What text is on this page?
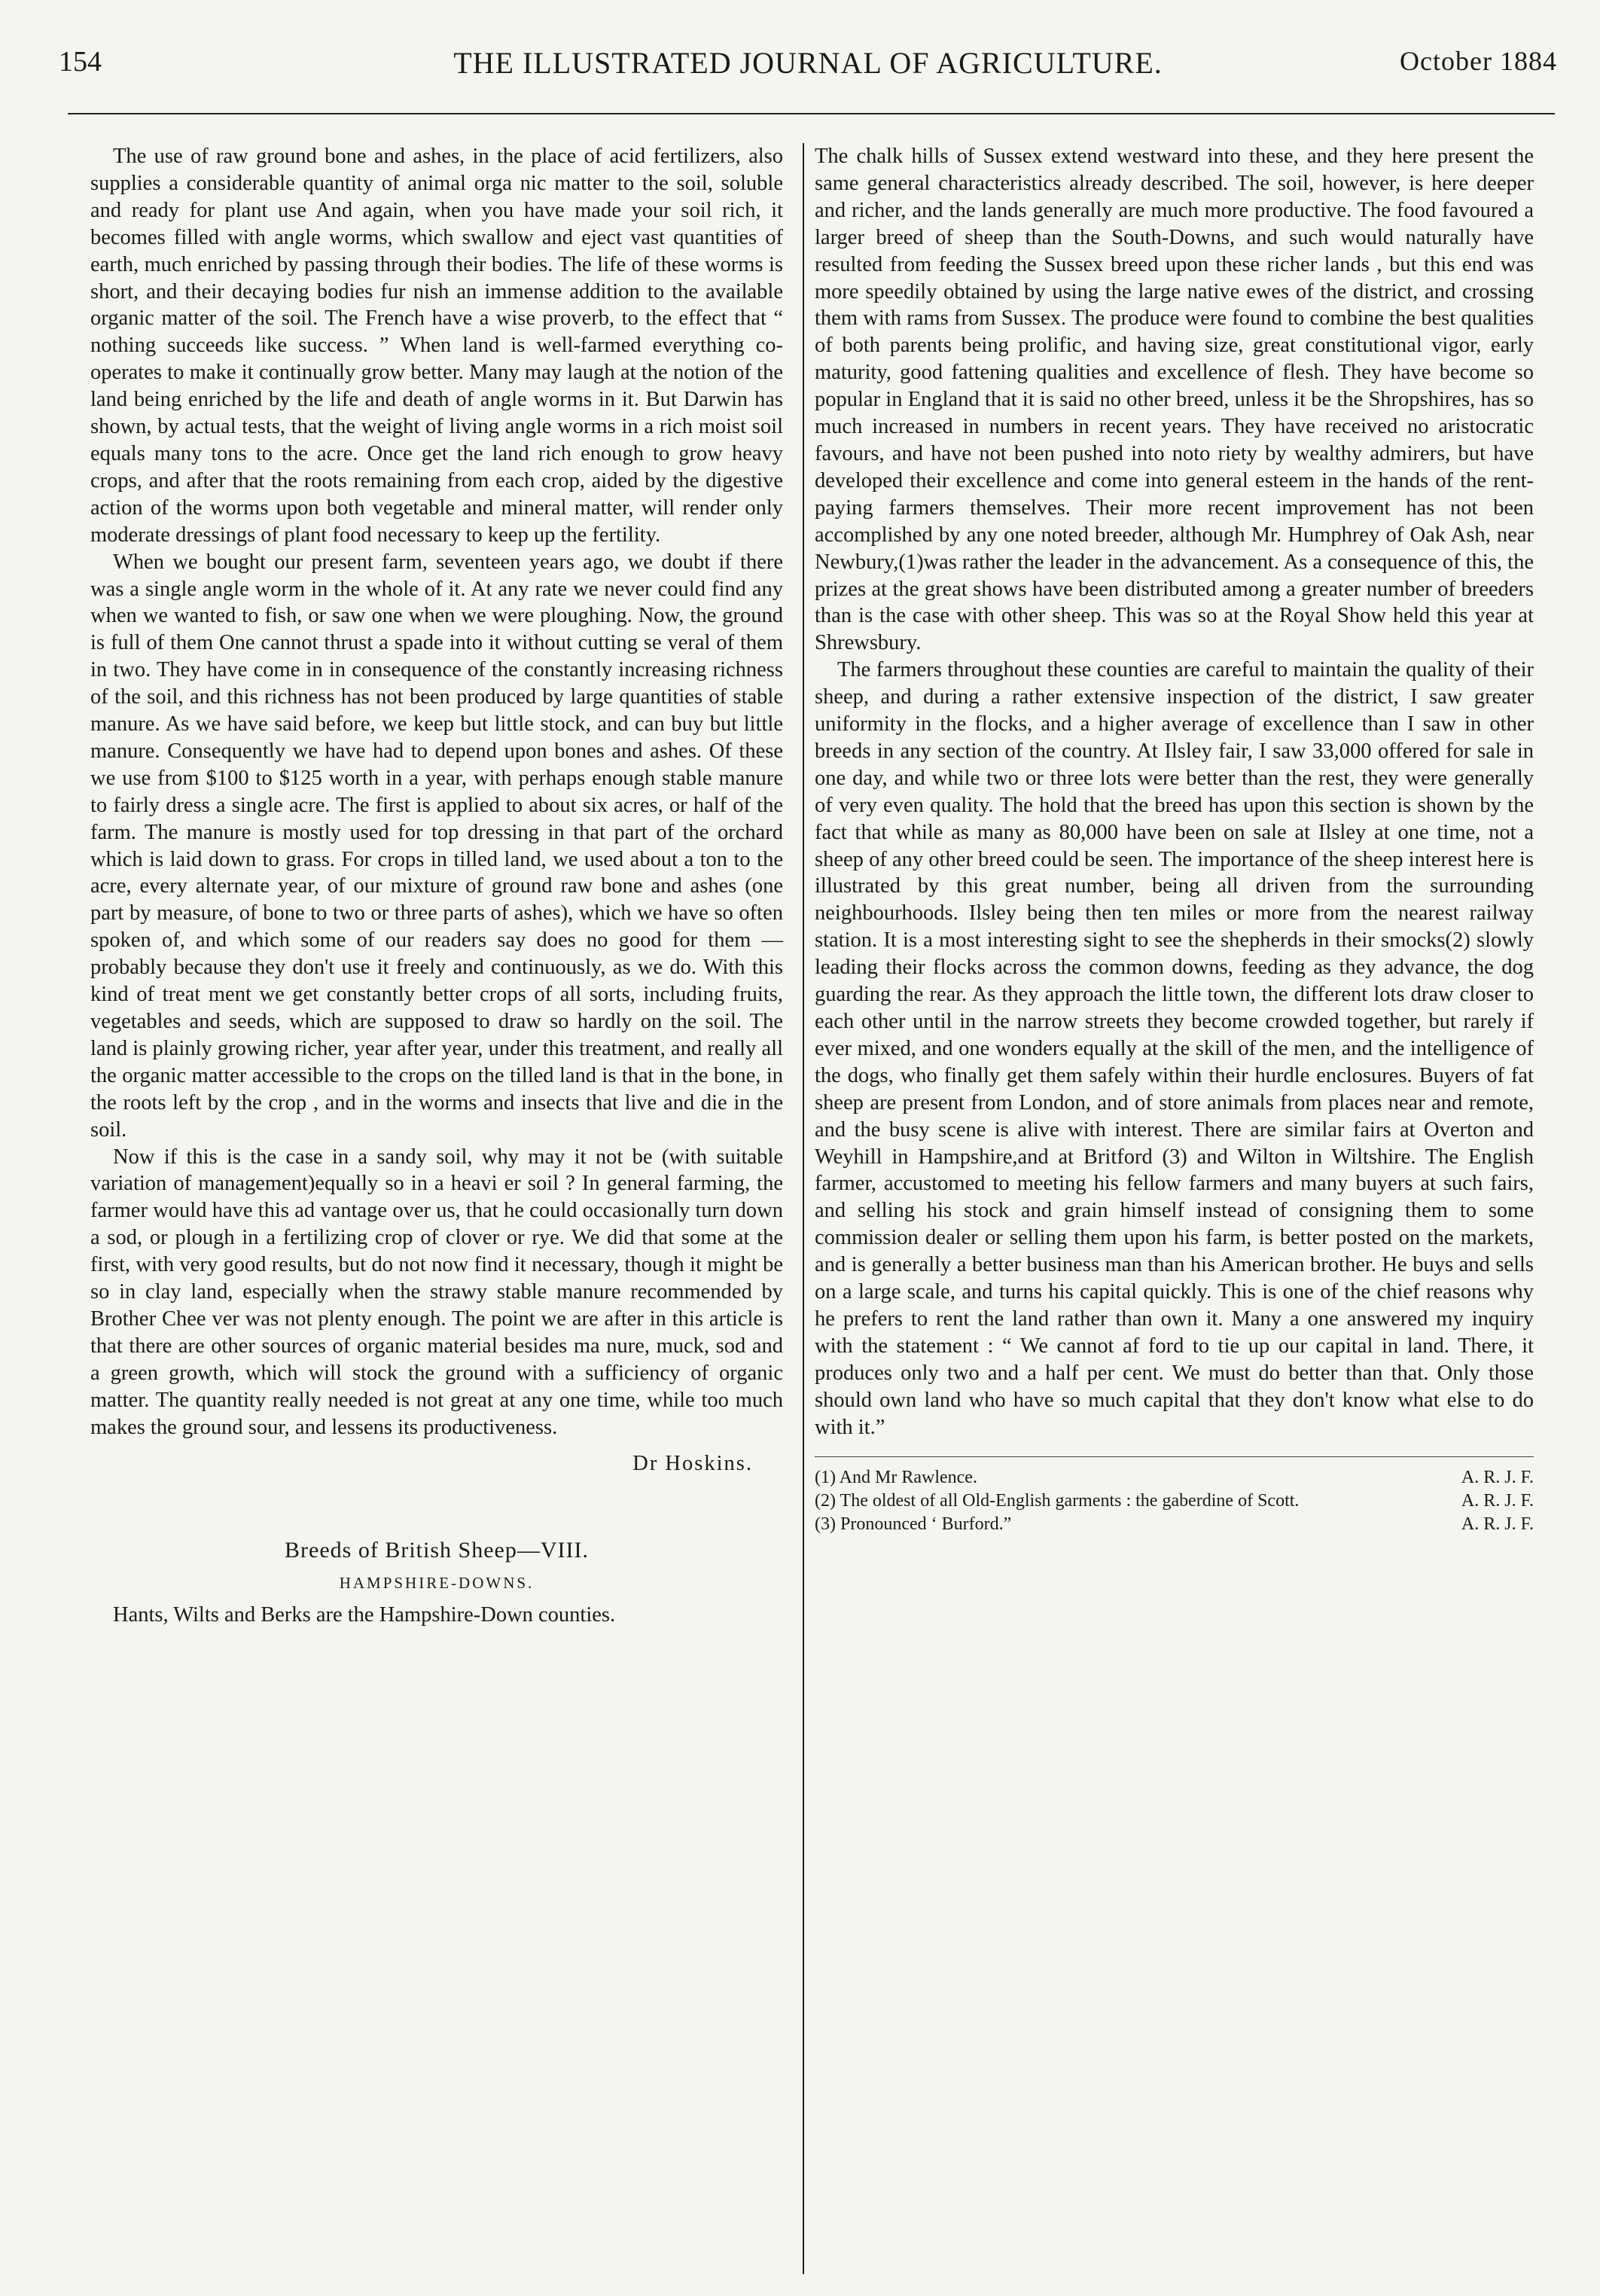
154	THE ILLUSTRATED JOURNAL OF AGRICULTURE.	October 1884

The use of raw ground bone and ashes, in the place of acid fertilizers, also supplies a considerable quantity of animal orga nic matter to the soil, soluble and ready for plant use And again, when you have made your soil rich, it becomes filled with angle worms, which swallow and eject vast quantities of earth, much enriched by passing through their bodies. The life of these worms is short, and their decaying bodies fur nish an immense addition to the available organic matter of the soil. The French have a wise proverb, to the effect that “ nothing succeeds like success. ” When land is well-farmed everything co-operates to make it continually grow better. Many may laugh at the notion of the land being enriched by the life and death of angle worms in it. But Darwin has shown, by actual tests, that the weight of living angle worms in a rich moist soil equals many tons to the acre. Once get the land rich enough to grow heavy crops, and after that the roots remaining from each crop, aided by the digestive action of the worms upon both vegetable and mineral matter, will render only moderate dressings of plant food necessary to keep up the fertility.

When we bought our present farm, seventeen years ago, we doubt if there was a single angle worm in the whole of it. At any rate we never could find any when we wanted to fish, or saw one when we were ploughing. Now, the ground is full of them One cannot thrust a spade into it without cutting se veral of them in two. They have come in in consequence of the constantly increasing richness of the soil, and this richness has not been produced by large quantities of stable manure. As we have said before, we keep but little stock, and can buy but little manure. Consequently we have had to depend upon bones and ashes. Of these we use from $100 to $125 worth in a year, with perhaps enough stable manure to fairly dress a single acre. The first is applied to about six acres, or half of the farm. The manure is mostly used for top dressing in that part of the orchard which is laid down to grass. For crops in tilled land, we used about a ton to the acre, every alternate year, of our mixture of ground raw bone and ashes (one part by measure, of bone to two or three parts of ashes), which we have so often spoken of, and which some of our readers say does no good for them — probably because they don't use it freely and continuously, as we do. With this kind of treat ment we get constantly better crops of all sorts, including fruits, vegetables and seeds, which are supposed to draw so hardly on the soil. The land is plainly growing richer, year after year, under this treatment, and really all the organic matter accessible to the crops on the tilled land is that in the bone, in the roots left by the crop , and in the worms and insects that live and die in the soil.

Now if this is the case in a sandy soil, why may it not be (with suitable variation of management)equally so in a heavi er soil ? In general farming, the farmer would have this ad vantage over us, that he could occasionally turn down a sod, or plough in a fertilizing crop of clover or rye. We did that some at the first, with very good results, but do not now find it necessary, though it might be so in clay land, especially when the strawy stable manure recommended by Brother Chee ver was not plenty enough. The point we are after in this article is that there are other sources of organic material besides ma nure, muck, sod and a green growth, which will stock the ground with a sufficiency of organic matter. The quantity really needed is not great at any one time, while too much makes the ground sour, and lessens its productiveness.

Dr Hoskins.
Breeds of British Sheep—VIII.
HAMPSHIRE-DOWNS.

Hants, Wilts and Berks are the Hampshire-Down counties.

The chalk hills of Sussex extend westward into these, and they here present the same general characteristics already described. The soil, however, is here deeper and richer, and the lands generally are much more productive. The food favoured a larger breed of sheep than the South-Downs, and such would naturally have resulted from feeding the Sussex breed upon these richer lands , but this end was more speedily obtained by using the large native ewes of the district, and crossing them with rams from Sussex. The produce were found to combine the best qualities of both parents being prolific, and having size, great constitutional vigor, early maturity, good fattening qualities and excellence of flesh. They have become so popular in England that it is said no other breed, unless it be the Shropshires, has so much increased in numbers in recent years. They have received no aristocratic favours, and have not been pushed into noto riety by wealthy admirers, but have developed their excellence and come into general esteem in the hands of the rent-paying farmers themselves. Their more recent improvement has not been accomplished by any one noted breeder, although Mr. Humphrey of Oak Ash, near Newbury,(1)was rather the leader in the advancement. As a consequence of this, the prizes at the great shows have been distributed among a greater number of breeders than is the case with other sheep. This was so at the Royal Show held this year at Shrewsbury.

The farmers throughout these counties are careful to maintain the quality of their sheep, and during a rather extensive inspection of the district, I saw greater uniformity in the flocks, and a higher average of excellence than I saw in other breeds in any section of the country. At Ilsley fair, I saw 33,000 offered for sale in one day, and while two or three lots were better than the rest, they were generally of very even quality. The hold that the breed has upon this section is shown by the fact that while as many as 80,000 have been on sale at Ilsley at one time, not a sheep of any other breed could be seen. The importance of the sheep interest here is illustrated by this great number, being all driven from the surrounding neighbourhoods. Ilsley being then ten miles or more from the nearest railway station. It is a most interesting sight to see the shepherds in their smocks(2) slowly leading their flocks across the common downs, feeding as they advance, the dog guarding the rear. As they approach the little town, the different lots draw closer to each other until in the narrow streets they become crowded together, but rarely if ever mixed, and one wonders equally at the skill of the men, and the intelligence of the dogs, who finally get them safely within their hurdle enclosures. Buyers of fat sheep are present from London, and of store animals from places near and remote, and the busy scene is alive with interest. There are similar fairs at Overton and Weyhill in Hampshire,and at Britford (3) and Wilton in Wiltshire. The English farmer, accustomed to meeting his fellow farmers and many buyers at such fairs, and selling his stock and grain himself instead of consigning them to some commission dealer or selling them upon his farm, is better posted on the markets, and is generally a better business man than his American brother. He buys and sells on a large scale, and turns his capital quickly. This is one of the chief reasons why he prefers to rent the land rather than own it. Many a one answered my inquiry with the statement : “ We cannot af ford to tie up our capital in land. There, it produces only two and a half per cent. We must do better than that. Only those should own land who have so much capital that they don't know what else to do with it.”

(1) And Mr Rawlence.	A. R. J. F.
(2) The oldest of all Old-English garments : the gaberdine of Scott.	A. R. J. F.
(3) Pronounced ‘ Burford.”	A. R. J. F.
